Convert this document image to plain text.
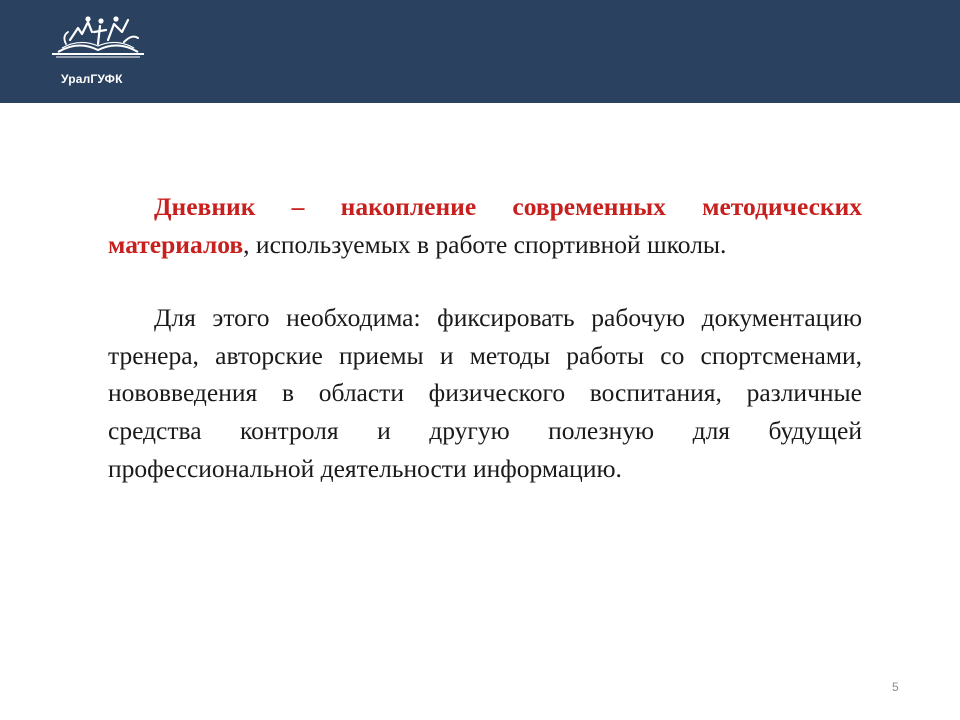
УралГУФК

Дневник – накопление современных методических материалов, используемых в работе спортивной школы.

Для этого необходима: фиксировать рабочую документацию тренера, авторские приемы и методы работы со спортсменами, нововведения в области физического воспитания, различные средства контроля и другую полезную для будущей профессиональной деятельности информацию.

5
